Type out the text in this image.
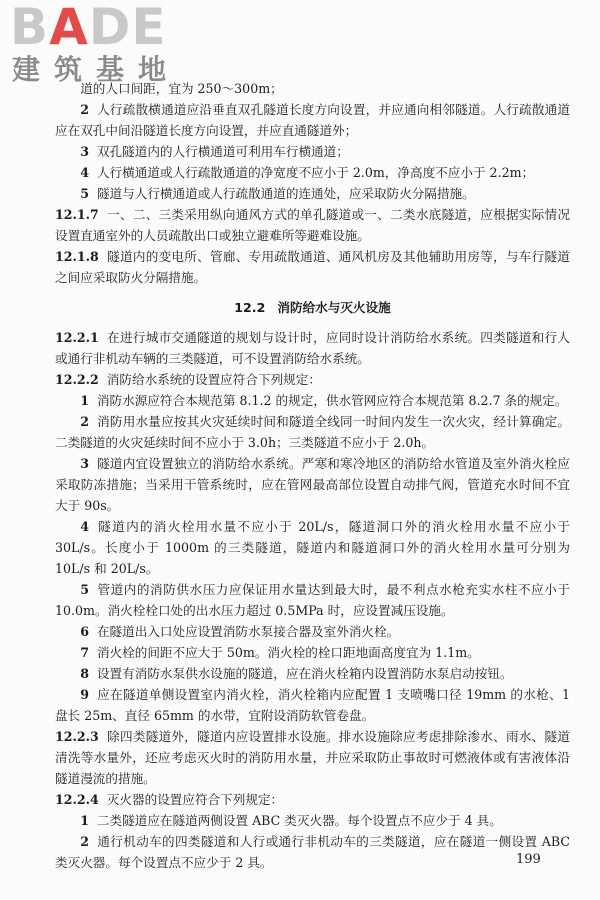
BADE
建筑基地

道的人口间距，宜为 250～300m；

2 人行疏散横通道应沿垂直双孔隧道长度方向设置，并应通向相邻隧道。人行疏散通道应在双孔中间沿隧道长度方向设置，并应直通隧道外；

3 双孔隧道内的人行横通道可利用车行横通道；

4 人行横通道或人行疏散通道的净宽度不应小于 2.0m，净高度不应小于 2.2m；

5 隧道与人行横通道或人行疏散通道的连通处，应采取防火分隔措施。

12.1.7 一、二、三类采用纵向通风方式的单孔隧道或一、二类水底隧道，应根据实际情况设置直通室外的人员疏散出口或独立避难所等避难设施。

12.1.8 隧道内的变电所、管廊、专用疏散通道、通风机房及其他辅助用房等，与车行隧道之间应采取防火分隔措施。

12.2 消防给水与灭火设施

12.2.1 在进行城市交通隧道的规划与设计时，应同时设计消防给水系统。四类隧道和行人或通行非机动车辆的三类隧道，可不设置消防给水系统。

12.2.2 消防给水系统的设置应符合下列规定：

1 消防水源应符合本规范第 8.1.2 的规定，供水管网应符合本规范第 8.2.7 条的规定。

2 消防用水量应按其火灾延续时间和隧道全线同一时间内发生一次火灾，经计算确定。二类隧道的火灾延续时间不应小于 3.0h；三类隧道不应小于 2.0h。

3 隧道内宜设置独立的消防给水系统。严寒和寒冷地区的消防给水管道及室外消火栓应采取防冻措施；当采用干管系统时，应在管网最高部位设置自动排气阀，管道充水时间不宜大于 90s。

4 隧道内的消火栓用水量不应小于 20L/s，隧道洞口外的消火栓用水量不应小于 30L/s。长度小于 1000m 的三类隧道，隧道内和隧道洞口外的消火栓用水量可分别为 10L/s 和 20L/s。

5 管道内的消防供水压力应保证用水量达到最大时，最不利点水枪充实水柱不应小于 10.0m。消火栓栓口处的出水压力超过 0.5MPa 时，应设置减压设施。

6 在隧道出入口处应设置消防水泵接合器及室外消火栓。

7 消火栓的间距不应大于 50m。消火栓的栓口距地面高度宜为 1.1m。

8 设置有消防水泵供水设施的隧道，应在消火栓箱内设置消防水泵启动按钮。

9 应在隧道单侧设置室内消火栓，消火栓箱内应配置 1 支喷嘴口径 19mm 的水枪、1 盘长 25m、直径 65mm 的水带，宜附设消防软管卷盘。

12.2.3 除四类隧道外，隧道内应设置排水设施。排水设施除应考虑排除渗水、雨水、隧道清洗等水量外，还应考虑灭火时的消防用水量，并应采取防止事故时可燃液体或有害液体沿隧道漫流的措施。

12.2.4 灭火器的设置应符合下列规定：

1 二类隧道应在隧道两侧设置 ABC 类灭火器。每个设置点不应少于 4 具。

2 通行机动车的四类隧道和人行或通行非机动车的三类隧道，应在隧道一侧设置 ABC 类灭火器。每个设置点不应少于 2 具。	199
